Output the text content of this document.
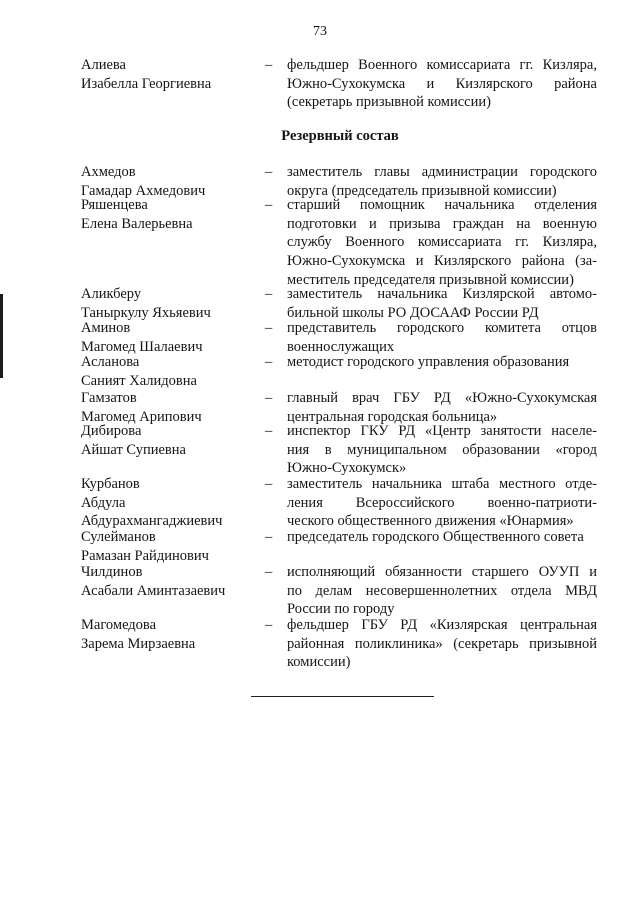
73
Алиева
Изабелла Георгиевна
–	фельдшер Военного комиссариата гг. Кизляра,
Южно-Сухокумска и Кизлярского района
(секретарь призывной комиссии)
Резервный состав
Ахмедов
Гамадар Ахмедович
–	заместитель главы администрации городского
округа (председатель призывной комиссии)
Ряшенцева
Елена Валерьевна
–	старший помощник начальника отделения
подготовки и призыва граждан на военную
службу Военного комиссариата гг. Кизляра,
Южно-Сухокумска и Кизлярского района (за-
меститель председателя призывной комиссии)
Аликберу
Таныркулу Яхьяевич
–	заместитель начальника Кизлярской автомо-
бильной школы РО ДОСААФ России РД
Аминов
Магомед Шалаевич
–	представитель городского комитета отцов
военнослужащих
Асланова
Саният Халидовна
–	методист городского управления образования
Гамзатов
Магомед Арипович
–	главный врач ГБУ РД «Южно-Сухокумская
центральная городская больница»
Дибирова
Айшат Супиевна
–	инспектор ГКУ РД «Центр занятости населе-
ния в муниципальном образовании «город
Южно-Сухокумск»
Курбанов
Абдула
Абдурахмангаджиевич
–	заместитель начальника штаба местного отде-
ления Всероссийского военно-патриоти-
ческого общественного движения «Юнармия»
Сулейманов
Рамазан Райдинович
–	председатель городского Общественного совета
Чилдинов
Асабали Аминтазаевич
–	исполняющий обязанности старшего ОУУП и
по делам несовершеннолетних отдела МВД
России по городу
Магомедова
Зарема Мирзаевна
–	фельдшер ГБУ РД «Кизлярская центральная
районная поликлиника» (секретарь призывной
комиссии)
